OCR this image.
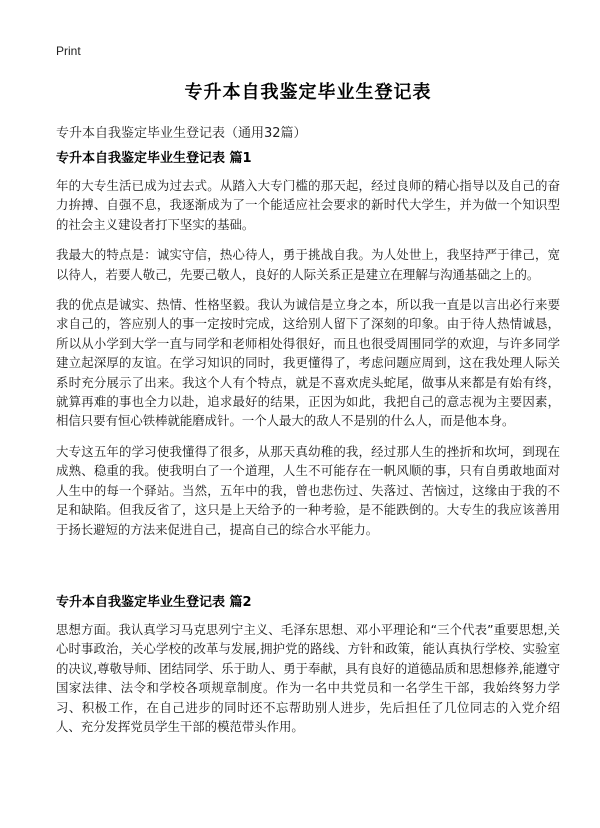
Print
专升本自我鉴定毕业生登记表
专升本自我鉴定毕业生登记表（通用32篇）
专升本自我鉴定毕业生登记表 篇1

年的大专生活已成为过去式。从踏入大专门槛的那天起，经过良师的精心指导以及自己的奋力拚搏、自强不息，我逐渐成为了一个能适应社会要求的新时代大学生，并为做一个知识型的社会主义建设者打下坚实的基础。

我最大的特点是：诚实守信，热心待人，勇于挑战自我。为人处世上，我坚持严于律己，宽以待人，若要人敬己，先要己敬人，良好的人际关系正是建立在理解与沟通基础之上的。

我的优点是诚实、热情、性格坚毅。我认为诚信是立身之本，所以我一直是以言出必行来要求自己的，答应别人的事一定按时完成，这给别人留下了深刻的印象。由于待人热情诚恳，所以从小学到大学一直与同学和老师相处得很好，而且也很受周围同学的欢迎，与许多同学建立起深厚的友谊。在学习知识的同时，我更懂得了，考虑问题应周到，这在我处理人际关系时充分展示了出来。我这个人有个特点，就是不喜欢虎头蛇尾，做事从来都是有始有终，就算再难的事也全力以赴，追求最好的结果，正因为如此，我把自己的意志视为主要因素，相信只要有恒心铁棒就能磨成针。一个人最大的敌人不是别的什么人，而是他本身。

大专这五年的学习使我懂得了很多，从那天真幼稚的我，经过那人生的挫折和坎坷，到现在成熟、稳重的我。使我明白了一个道理，人生不可能存在一帆风顺的事，只有自勇敢地面对人生中的每一个驿站。当然，五年中的我，曾也悲伤过、失落过、苦恼过，这缘由于我的不足和缺陷。但我反省了，这只是上天给予的一种考验，是不能跌倒的。大专生的我应该善用于扬长避短的方法来促进自己，提高自己的综合水平能力。

专升本自我鉴定毕业生登记表 篇2

思想方面。我认真学习马克思列宁主义、毛泽东思想、邓小平理论和“三个代表”重要思想,关心时事政治，关心学校的改革与发展,拥护党的路线、方针和政策，能认真执行学校、实验室的决议,尊敬导师、团结同学、乐于助人、勇于奉献，具有良好的道德品质和思想修养,能遵守国家法律、法令和学校各项规章制度。作为一名中共党员和一名学生干部，我始终努力学习、积极工作，在自己进步的同时还不忘帮助别人进步，先后担任了几位同志的入党介绍人、充分发挥党员学生干部的模范带头作用。
